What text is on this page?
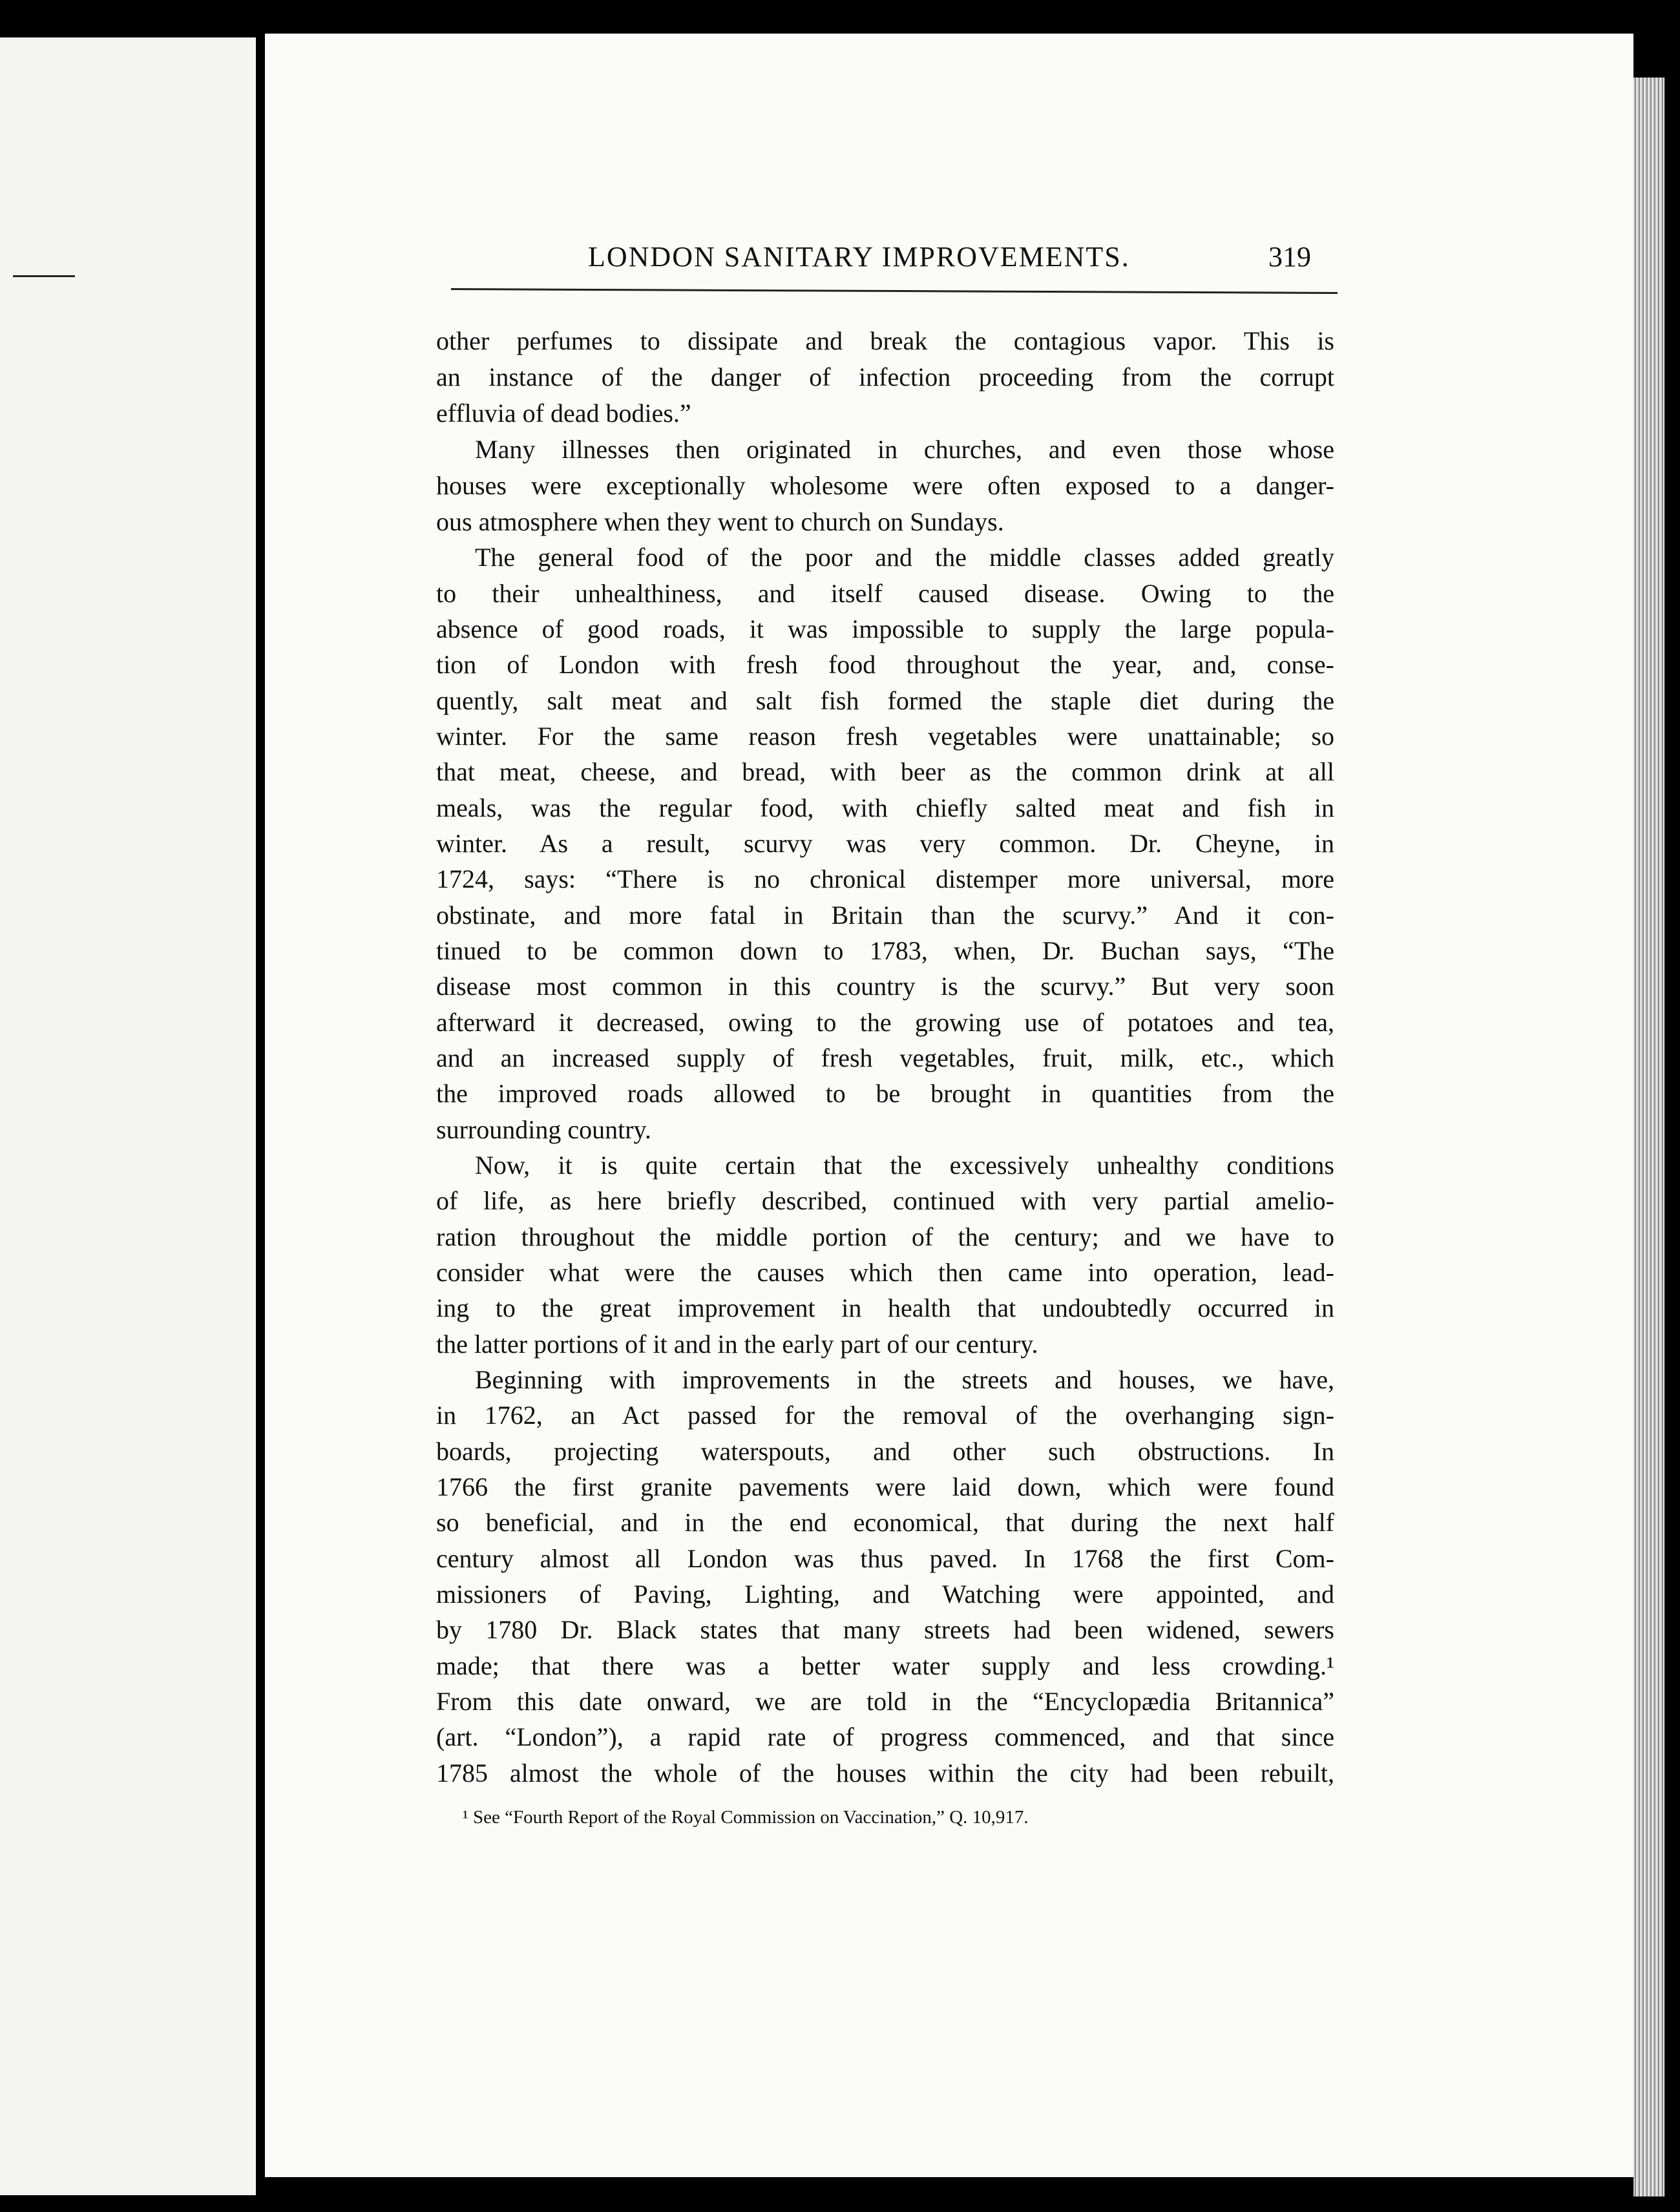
LONDON SANITARY IMPROVEMENTS.	319
other perfumes to dissipate and break the contagious vapor. This is
an instance of the danger of infection proceeding from the corrupt
effluvia of dead bodies.”
Many illnesses then originated in churches, and even those whose
houses were exceptionally wholesome were often exposed to a danger-
ous atmosphere when they went to church on Sundays.
The general food of the poor and the middle classes added greatly
to their unhealthiness, and itself caused disease. Owing to the
absence of good roads, it was impossible to supply the large popula-
tion of London with fresh food throughout the year, and, conse-
quently, salt meat and salt fish formed the staple diet during the
winter. For the same reason fresh vegetables were unattainable; so
that meat, cheese, and bread, with beer as the common drink at all
meals, was the regular food, with chiefly salted meat and fish in
winter. As a result, scurvy was very common. Dr. Cheyne, in
1724, says: “There is no chronical distemper more universal, more
obstinate, and more fatal in Britain than the scurvy.” And it con-
tinued to be common down to 1783, when, Dr. Buchan says, “The
disease most common in this country is the scurvy.” But very soon
afterward it decreased, owing to the growing use of potatoes and tea,
and an increased supply of fresh vegetables, fruit, milk, etc., which
the improved roads allowed to be brought in quantities from the
surrounding country.
Now, it is quite certain that the excessively unhealthy conditions
of life, as here briefly described, continued with very partial amelio-
ration throughout the middle portion of the century; and we have to
consider what were the causes which then came into operation, lead-
ing to the great improvement in health that undoubtedly occurred in
the latter portions of it and in the early part of our century.
Beginning with improvements in the streets and houses, we have,
in 1762, an Act passed for the removal of the overhanging sign-
boards, projecting waterspouts, and other such obstructions. In
1766 the first granite pavements were laid down, which were found
so beneficial, and in the end economical, that during the next half
century almost all London was thus paved. In 1768 the first Com-
missioners of Paving, Lighting, and Watching were appointed, and
by 1780 Dr. Black states that many streets had been widened, sewers
made; that there was a better water supply and less crowding.¹
From this date onward, we are told in the “Encyclopædia Britannica”
(art. “London”), a rapid rate of progress commenced, and that since
1785 almost the whole of the houses within the city had been rebuilt,
¹ See “Fourth Report of the Royal Commission on Vaccination,” Q. 10,917.
